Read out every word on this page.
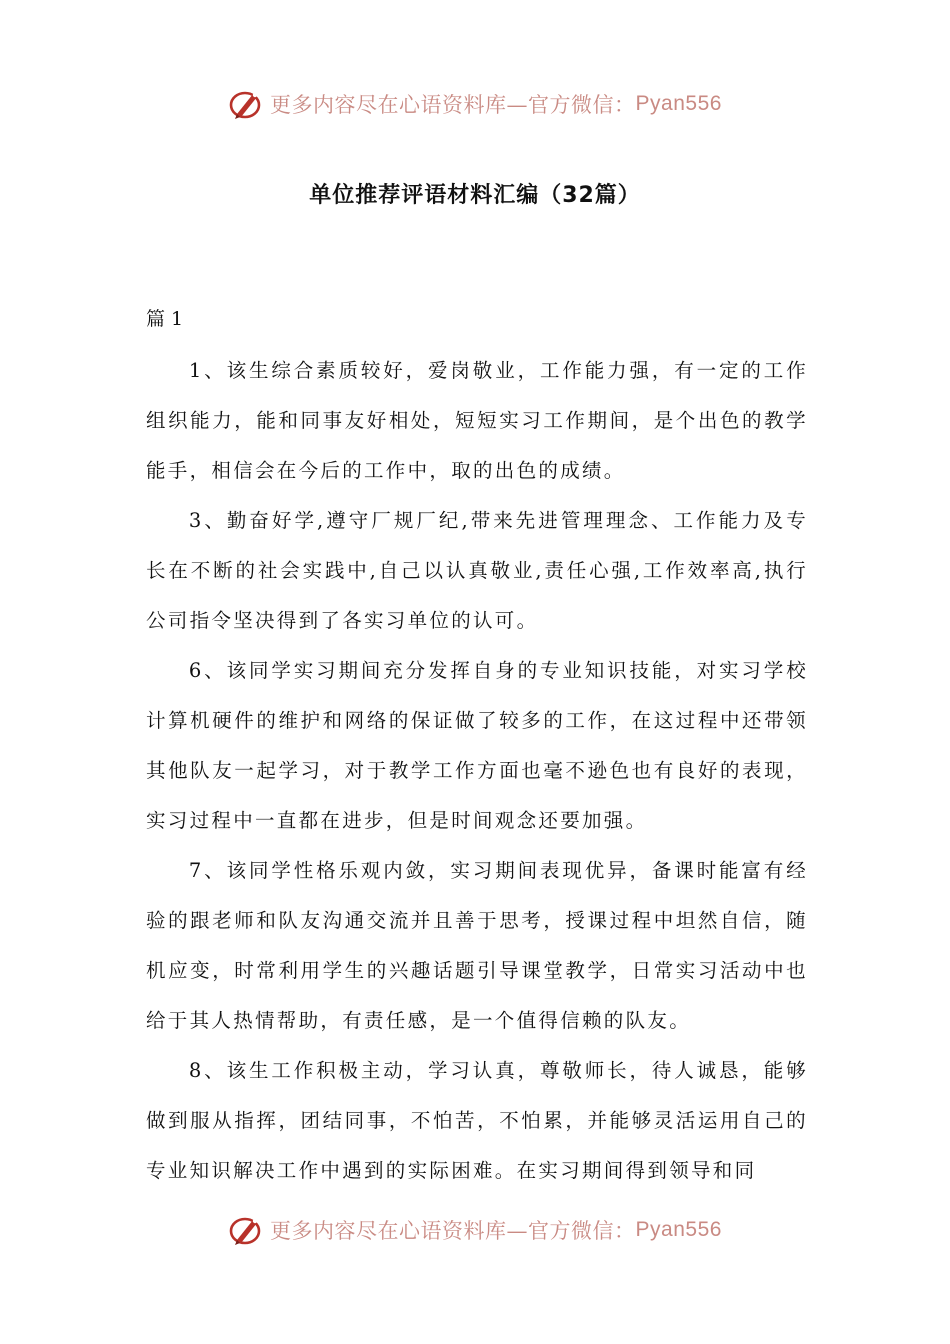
更多内容尽在心语资料库—官方微信： Pyan556
单位推荐评语材料汇编（32篇）
篇 1

1、该生综合素质较好，爱岗敬业，工作能力强，有一定的工作组织能力，能和同事友好相处，短短实习工作期间，是个出色的教学能手，相信会在今后的工作中，取的出色的成绩。

3、勤奋好学,遵守厂规厂纪,带来先进管理理念、工作能力及专长在不断的社会实践中,自己以认真敬业,责任心强,工作效率高,执行公司指令坚决得到了各实习单位的认可。

6、该同学实习期间充分发挥自身的专业知识技能，对实习学校计算机硬件的维护和网络的保证做了较多的工作，在这过程中还带领其他队友一起学习，对于教学工作方面也毫不逊色也有良好的表现，实习过程中一直都在进步，但是时间观念还要加强。

7、该同学性格乐观内敛，实习期间表现优异，备课时能富有经验的跟老师和队友沟通交流并且善于思考，授课过程中坦然自信，随机应变，时常利用学生的兴趣话题引导课堂教学，日常实习活动中也给于其人热情帮助，有责任感，是一个值得信赖的队友。

8、该生工作积极主动，学习认真，尊敬师长，待人诚恳，能够做到服从指挥，团结同事，不怕苦，不怕累，并能够灵活运用自己的专业知识解决工作中遇到的实际困难。在实习期间得到领导和同

更多内容尽在心语资料库—官方微信： Pyan556
